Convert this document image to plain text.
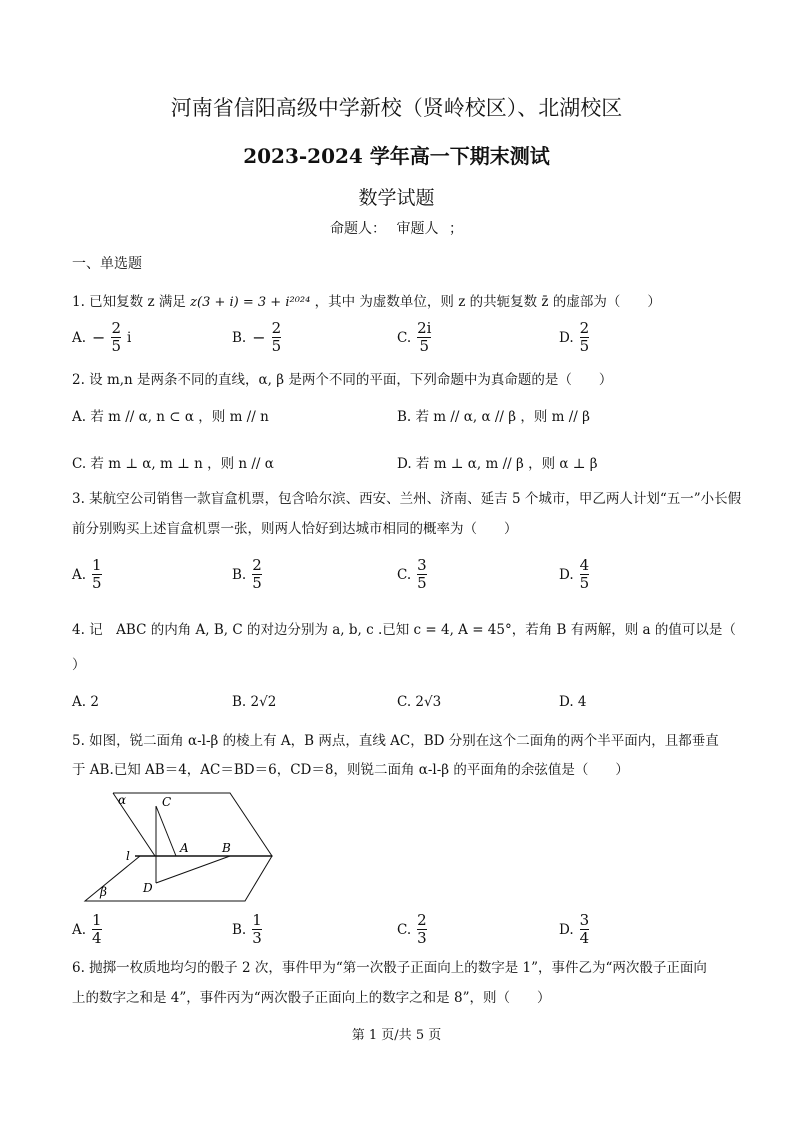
河南省信阳高级中学新校（贤岭校区）、北湖校区
2023-2024 学年高一下期末测试
数学试题
命题人： 审题人 ；
一、单选题
1. 已知复数 z 满足 z(3 + i) = 3 + i²⁰²⁴ ，其中 为虚数单位，则 z 的共轭复数 z̄ 的虚部为（　　）
A. − $\frac{2}{5}$ i	B. − $\frac{2}{5}$	C. $\frac{2i}{5}$	D. $\frac{2}{5}$
2. 设 m,n 是两条不同的直线，α, β 是两个不同的平面，下列命题中为真命题的是（　　）
A. 若 m // α, n ⊂ α ，则 m // n	B. 若 m // α, α // β ，则 m // β
C. 若 m ⊥ α, m ⊥ n ，则 n // α	D. 若 m ⊥ α, m // β ，则 α ⊥ β
3. 某航空公司销售一款盲盒机票，包含哈尔滨、西安、兰州、济南、延吉 5 个城市，甲乙两人计划“五一”小长假
前分别购买上述盲盒机票一张，则两人恰好到达城市相同的概率为（　　）
A. $\frac{1}{5}$	B. $\frac{2}{5}$	C. $\frac{3}{5}$	D. $\frac{4}{5}$
4. 记　ABC 的内角 A, B, C 的对边分别为 a, b, c .已知 c = 4, A = 45°，若角 B 有两解，则 a 的值可以是（
）
A. 2	B. 2√2	C. 2√3	D. 4
5. 如图，锐二面角 α-l-β 的棱上有 A，B 两点，直线 AC，BD 分别在这个二面角的两个半平面内，且都垂直
于 AB.已知 AB＝4，AC＝BD＝6，CD＝8，则锐二面角 α-l-β 的平面角的余弦值是（　　）
α	C
A	B
l
D
β
A. $\frac{1}{4}$	B. $\frac{1}{3}$	C. $\frac{2}{3}$	D. $\frac{3}{4}$
6. 抛掷一枚质地均匀的骰子 2 次，事件甲为“第一次骰子正面向上的数字是 1”，事件乙为“两次骰子正面向
上的数字之和是 4”，事件丙为“两次骰子正面向上的数字之和是 8”，则（　　）
第 1 页/共 5 页
